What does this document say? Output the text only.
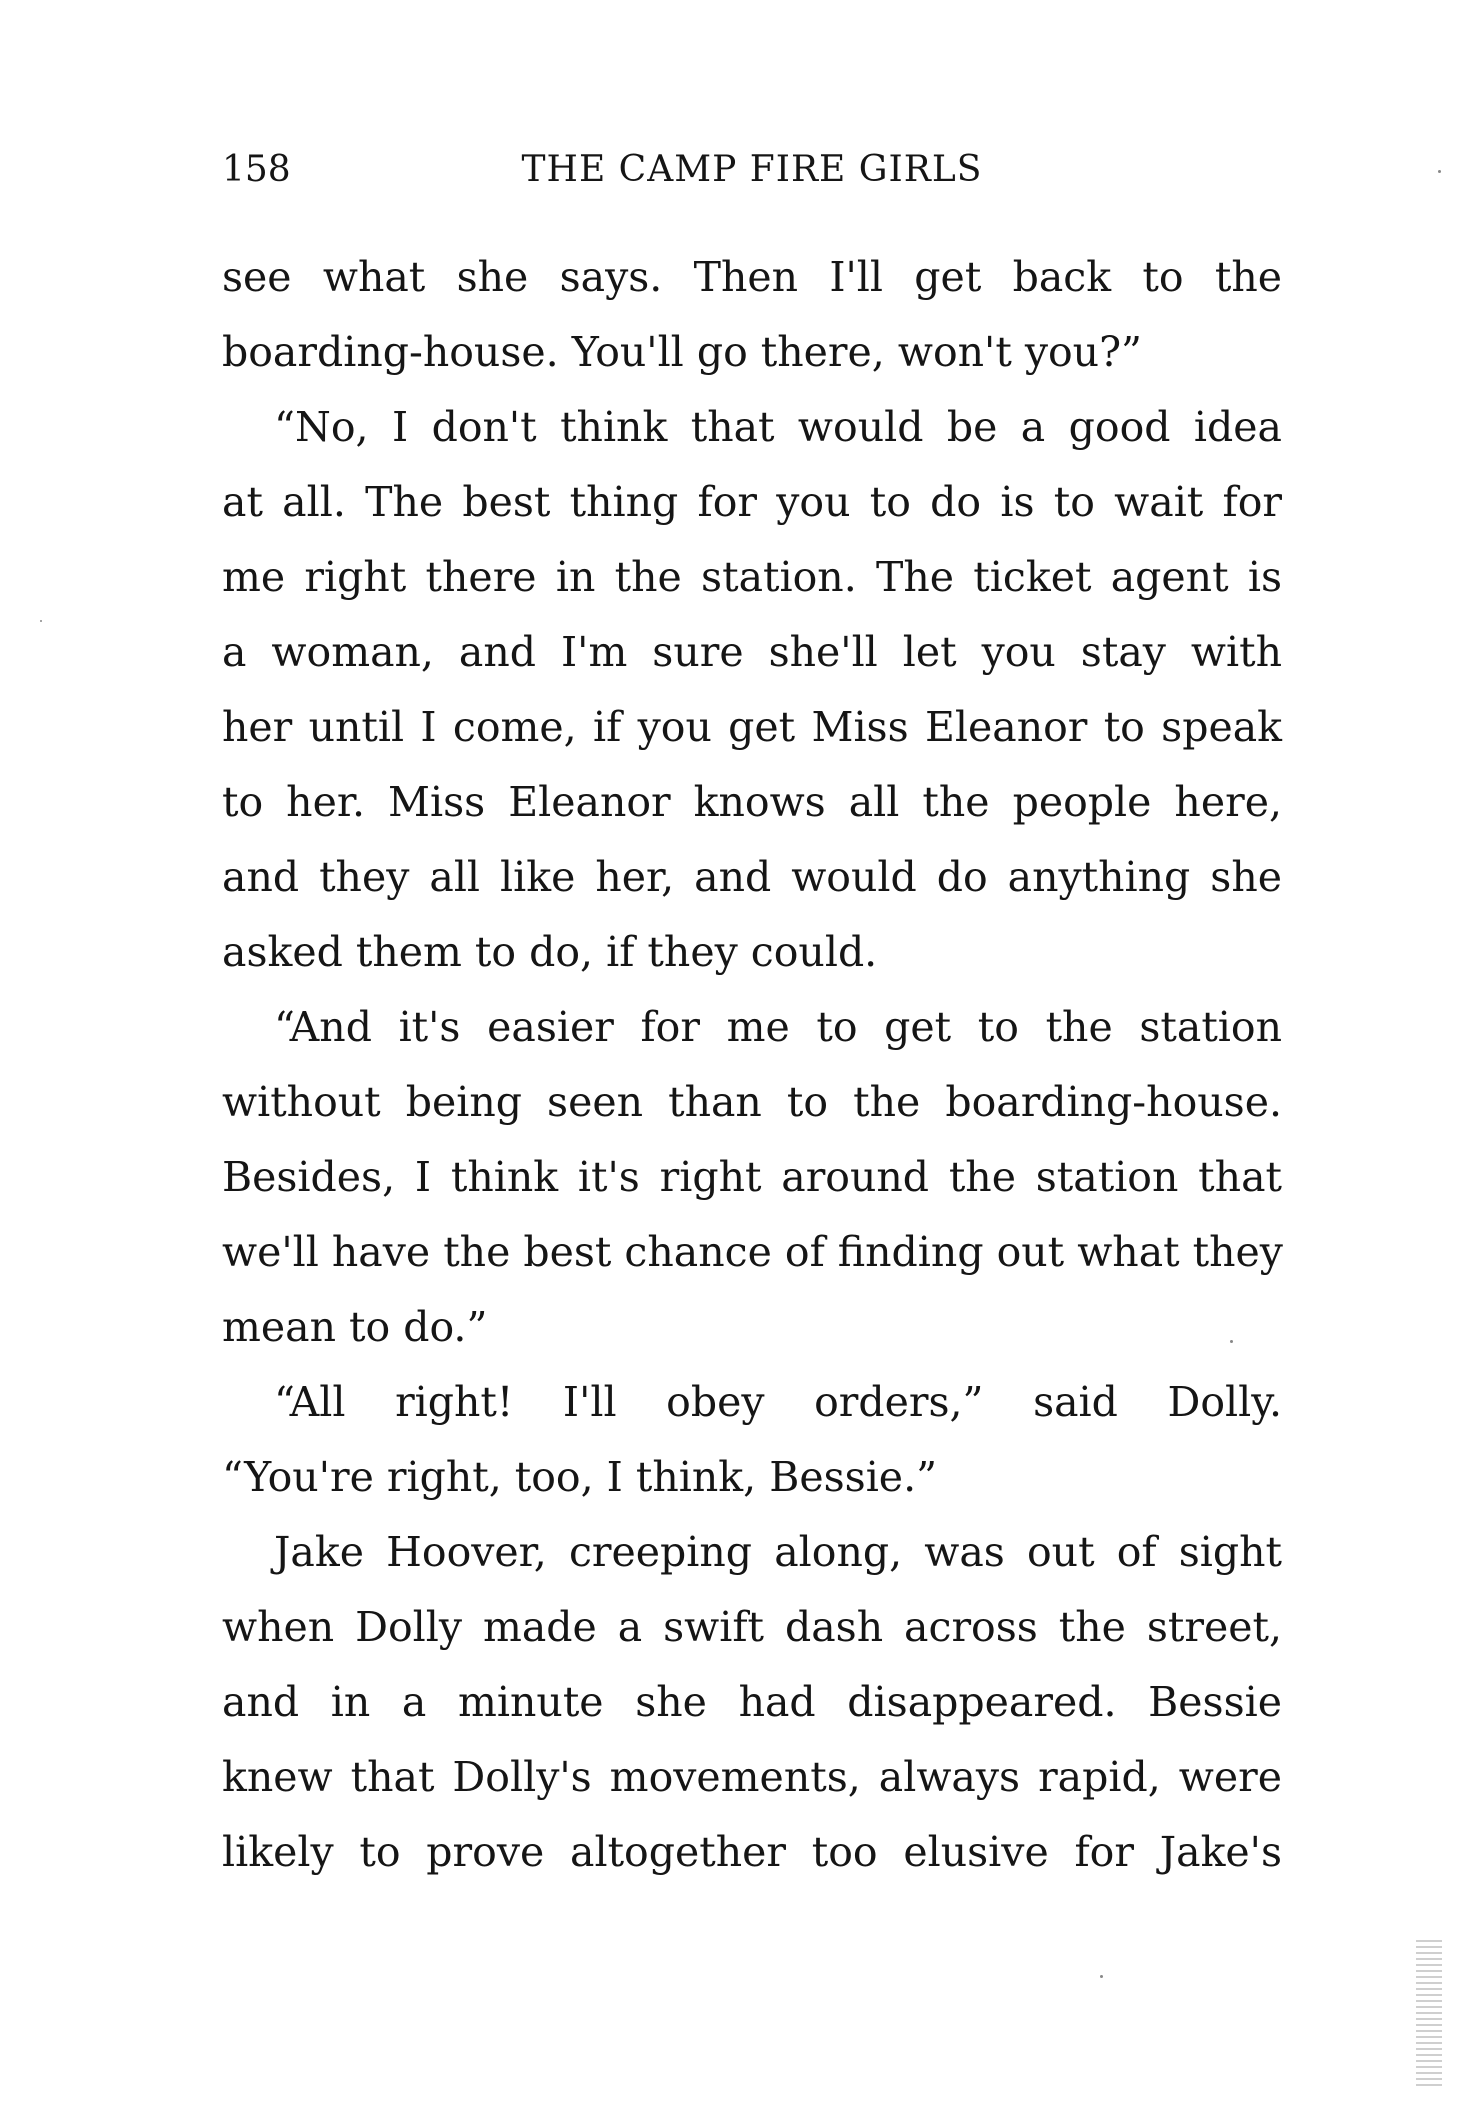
158	THE CAMP FIRE GIRLS

see what she says. Then I'll get back to the
boarding-house. You'll go there, won't you?”

“No, I don't think that would be a good idea
at all. The best thing for you to do is to wait for
me right there in the station. The ticket agent is
a woman, and I'm sure she'll let you stay with
her until I come, if you get Miss Eleanor to speak
to her. Miss Eleanor knows all the people here,
and they all like her, and would do anything she
asked them to do, if they could.

“And it's easier for me to get to the station
without being seen than to the boarding-house.
Besides, I think it's right around the station that
we'll have the best chance of finding out what they
mean to do.”

“All right! I'll obey orders,” said Dolly.
“You're right, too, I think, Bessie.”

Jake Hoover, creeping along, was out of sight
when Dolly made a swift dash across the street,
and in a minute she had disappeared. Bessie
knew that Dolly's movements, always rapid, were
likely to prove altogether too elusive for Jake's
